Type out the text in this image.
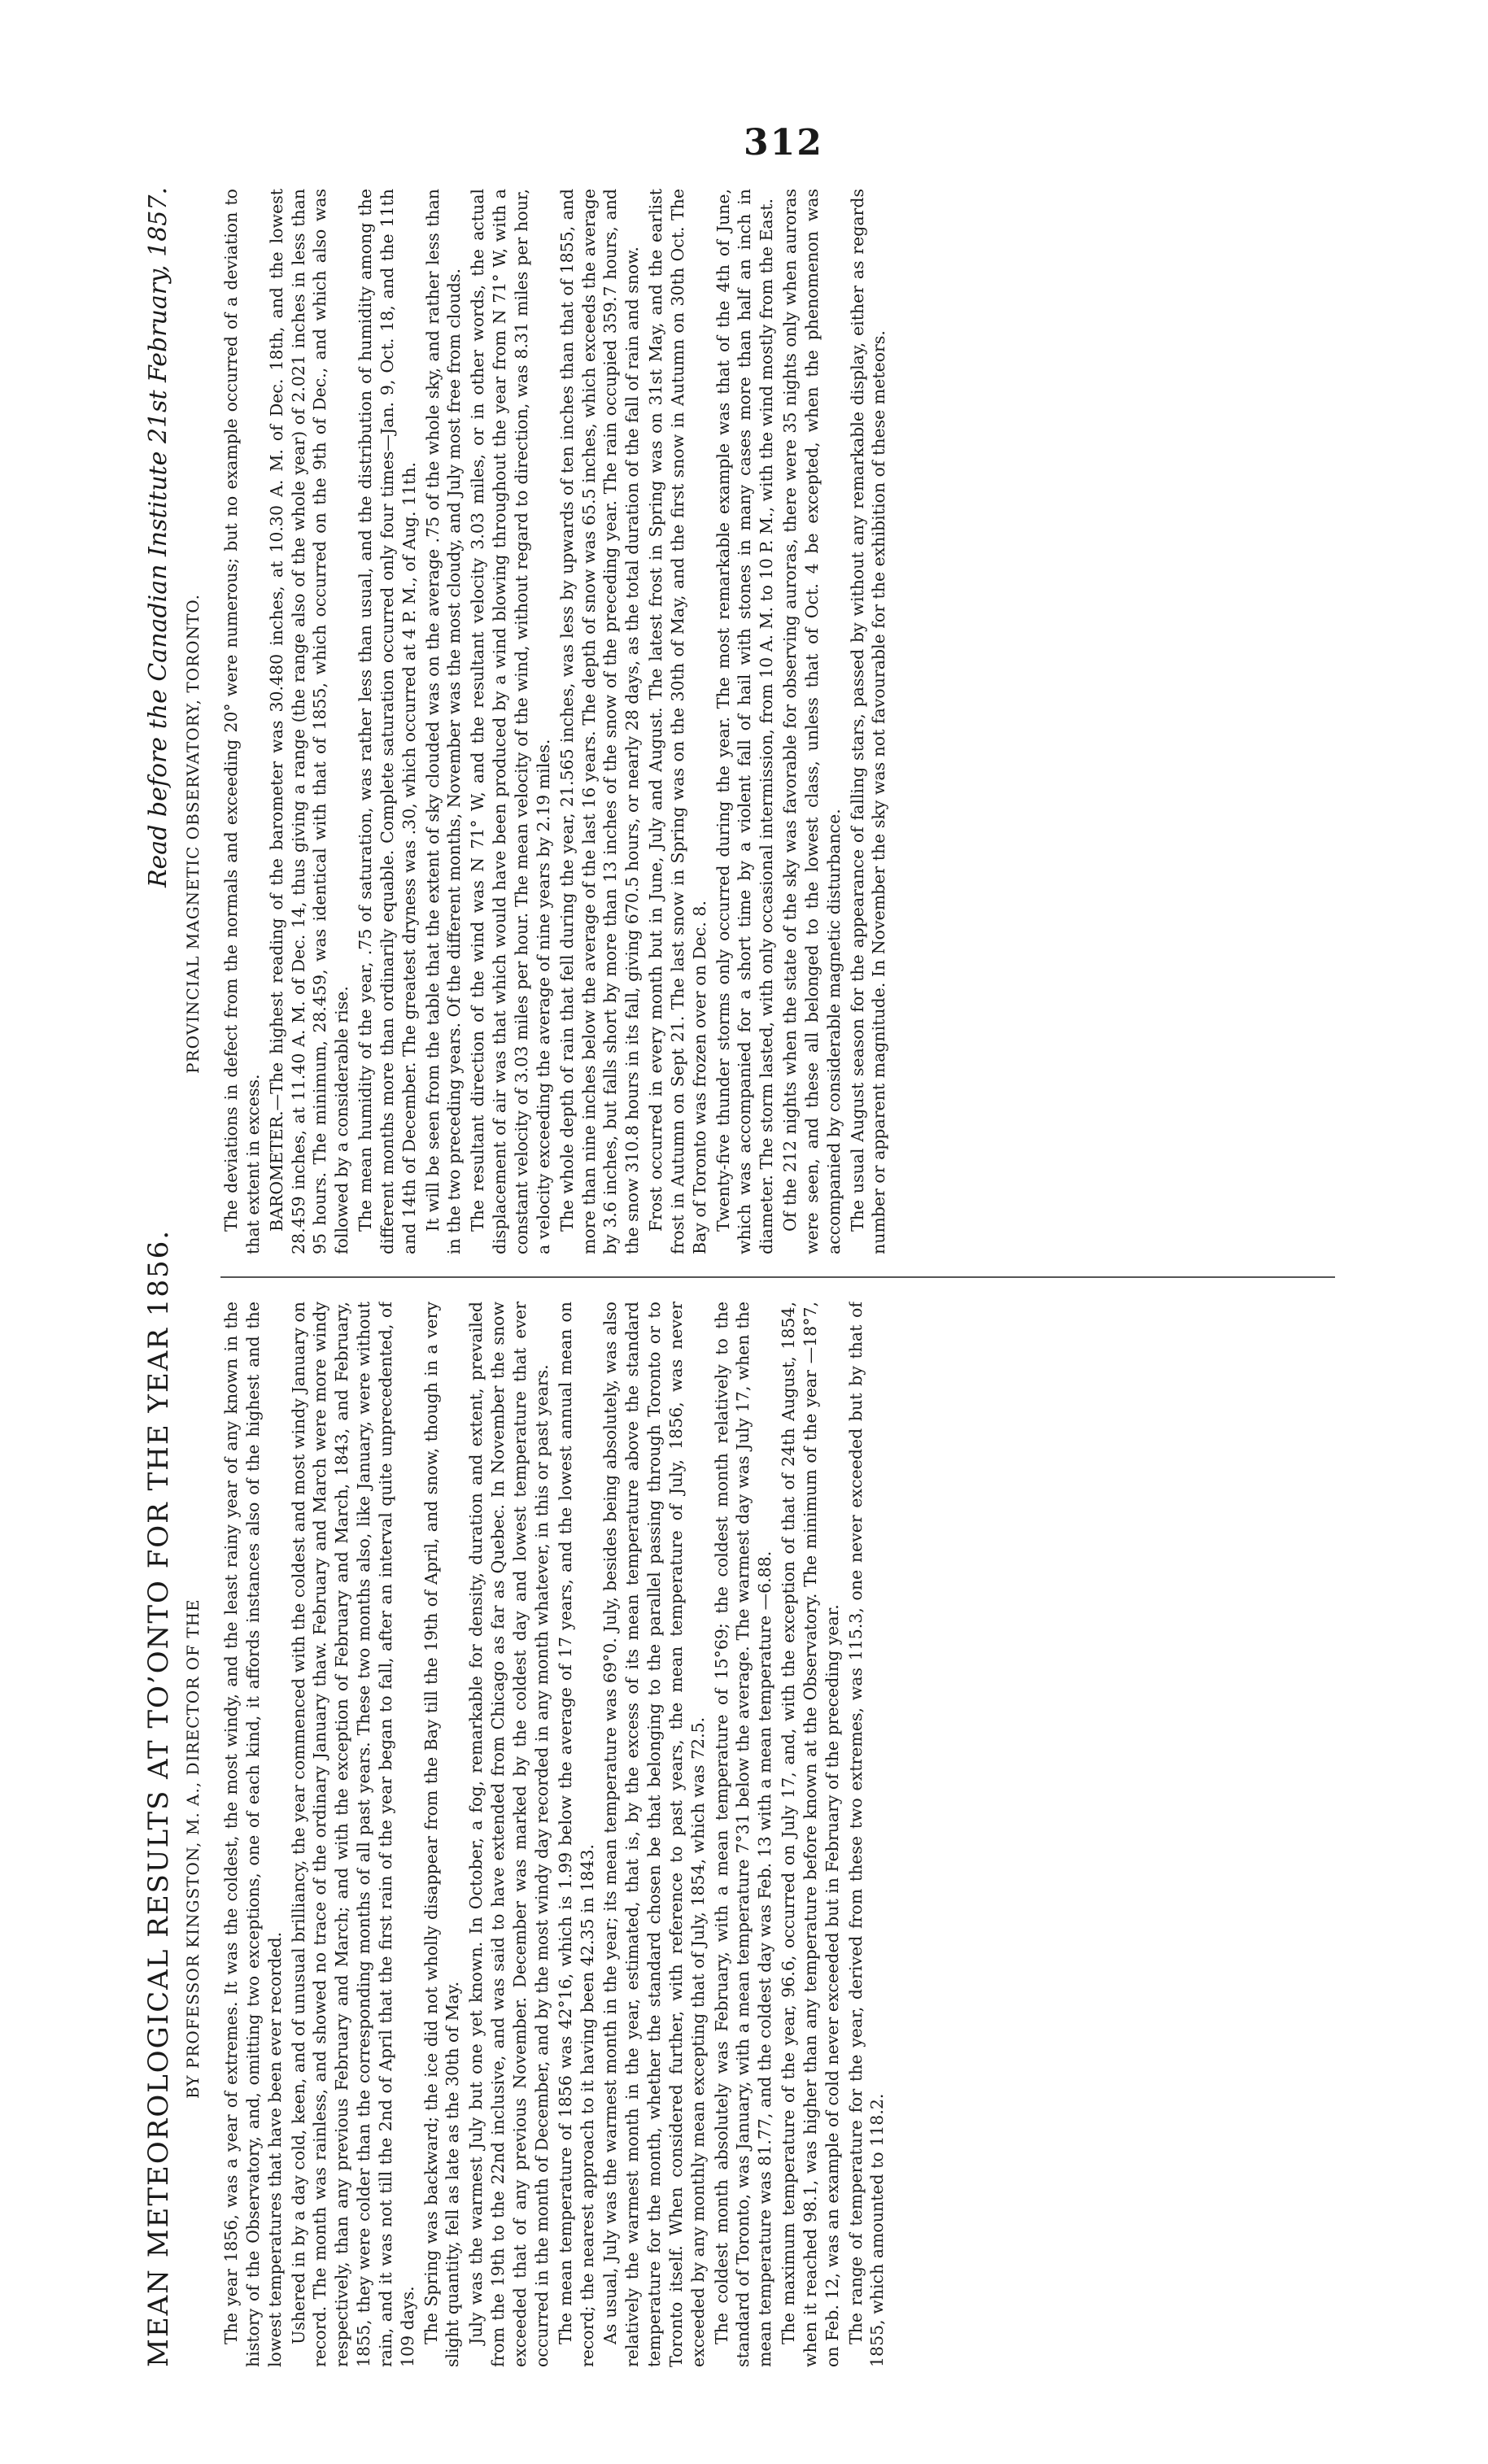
312
MEAN METEOROLOGICAL RESULTS AT TO’ONTO FOR THE YEAR 1856.
Read before the Canadian Institute 21st February, 1857.
BY PROFESSOR KINGSTON, M. A., DIRECTOR OF THE
PROVINCIAL MAGNETIC OBSERVATORY, TORONTO.

The year 1856, was a year of extremes. It was the coldest, the most windy, and the least rainy year of any known in the history of the Observatory, and, omitting two exceptions, one of each kind, it affords instances also of the highest and the lowest temperatures that have been ever recorded. Ushered in by a day cold, keen, and of unusual brilliancy, the year commenced with the coldest and most windy January on record. The month was rainless, and showed no trace of the ordinary January thaw. February and March were more windy respectively, than any previous February and March; and with the exception of February and March, 1843, and February, 1855, they were colder than the corresponding months of all past years. These two months also, like January, were without rain, and it was not till the 2nd of April that the first rain of the year began to fall, after an interval quite unprecedented, of 109 days. The Spring was backward; the ice did not wholly disappear from the Bay till the 19th of April, and snow, though in a very slight quantity, fell as late as the 30th of May. July was the warmest July but one yet known. In October, a fog, remarkable for density, duration and extent, prevailed from the 19th to the 22nd inclusive, and was said to have extended from Chicago as far as Quebec. In November the snow exceeded that of any previous November. December was marked by the coldest day and lowest temperature that ever occurred in the month of December, and by the most windy day recorded in any month whatever, in this or past years. The mean temperature of 1856 was 42°16, which is 1.99 below the average of 17 years, and the lowest annual mean on record; the nearest approach to it having been 42.35 in 1843. As usual, July was the warmest month in the year; its mean temperature was 69°0. July, besides being absolutely, was also relatively the warmest month in the year, estimated, that is, by the excess of its mean temperature above the standard temperature for the month, whether the standard chosen be that belonging to the parallel passing through Toronto or to Toronto itself. When considered further, with reference to past years, the mean temperature of July, 1856, was never exceeded by any monthly mean excepting that of July, 1854, which was 72.5. The coldest month absolutely was February, with a mean temperature of 15°69; the coldest month relatively to the standard of Toronto, was January, with a mean temperature 7°31 below the average. The warmest day was July 17, when the mean temperature was 81.77, and the coldest day was Feb. 13 with a mean temperature —6.88. The maximum temperature of the year, 96.6, occurred on July 17, and, with the exception of that of 24th August, 1854, when it reached 98.1, was higher than any temperature before known at the Observatory. The minimum of the year —18°7, on Feb. 12, was an example of cold never exceeded but in February of the preceding year. The range of temperature for the year, derived from these two extremes, was 115.3, one never exceeded but by that of 1855, which amounted to 118.2.

The deviations in defect from the normals and exceeding 20° were numerous; but no example occurred of a deviation to that extent in excess. BAROMETER.—The highest reading of the barometer was 30.480 inches, at 10.30 A. M. of Dec. 18th, and the lowest 28.459 inches, at 11.40 A. M. of Dec. 14, thus giving a range (the range also of the whole year) of 2.021 inches in less than 95 hours. The minimum, 28.459, was identical with that of 1855, which occurred on the 9th of Dec., and which also was followed by a considerable rise. The mean humidity of the year, .75 of saturation, was rather less than usual, and the distribution of humidity among the different months more than ordinarily equable. Complete saturation occurred only four times—Jan. 9, Oct. 18, and the 11th and 14th of December. The greatest dryness was .30, which occurred at 4 P. M., of Aug. 11th. It will be seen from the table that the extent of sky clouded was on the average .75 of the whole sky, and rather less than in the two preceding years. Of the different months, November was the most cloudy, and July most free from clouds. The resultant direction of the wind was N 71° W, and the resultant velocity 3.03 miles, or in other words, the actual displacement of air was that which would have been produced by a wind blowing throughout the year from N 71° W, with a constant velocity of 3.03 miles per hour. The mean velocity of the wind, without regard to direction, was 8.31 miles per hour, a velocity exceeding the average of nine years by 2.19 miles. The whole depth of rain that fell during the year, 21.565 inches, was less by upwards of ten inches than that of 1855, and more than nine inches below the average of the last 16 years. The depth of snow was 65.5 inches, which exceeds the average by 3.6 inches, but falls short by more than 13 inches of the snow of the preceding year. The rain occupied 359.7 hours, and the snow 310.8 hours in its fall, giving 670.5 hours, or nearly 28 days, as the total duration of the fall of rain and snow. Frost occurred in every month but in June, July and August. The latest frost in Spring was on 31st May, and the earlist frost in Autumn on Sept 21. The last snow in Spring was on the 30th of May, and the first snow in Autumn on 30th Oct. The Bay of Toronto was frozen over on Dec. 8. Twenty-five thunder storms only occurred during the year. The most remarkable example was that of the 4th of June, which was accompanied for a short time by a violent fall of hail with stones in many cases more than half an inch in diameter. The storm lasted, with only occasional intermission, from 10 A. M. to 10 P. M., with the wind mostly from the East. Of the 212 nights when the state of the sky was favorable for observing auroras, there were 35 nights only when auroras were seen, and these all belonged to the lowest class, unless that of Oct. 4 be excepted, when the phenomenon was accompanied by considerable magnetic disturbance. The usual August season for the appearance of falling stars, passed by without any remarkable display, either as regards number or apparent magnitude. In November the sky was not favourable for the exhibition of these meteors.
